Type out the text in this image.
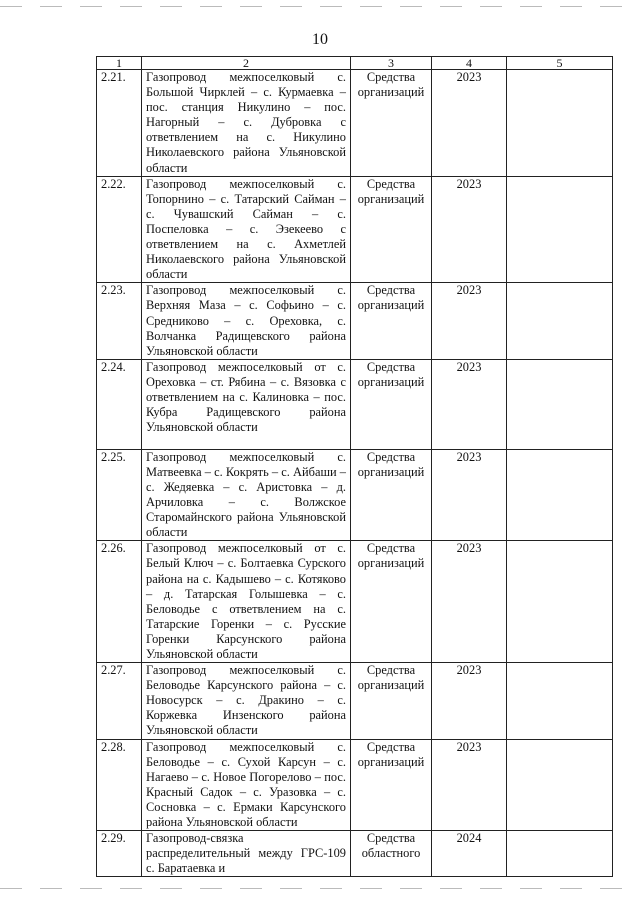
10
1	2	3	4	5
2.21.	Газопровод межпоселковый с. Большой Чирклей – с. Курмаевка – пос. станция Никулино – пос. Нагорный – с. Дубровка с ответвлением на с. Никулино Николаевского района Ульяновской области	Средства организаций	2023	
2.22.	Газопровод межпоселковый с. Топорнино – с. Татарский Сайман – с. Чувашский Сайман – с. Поспеловка – с. Эзекеево с ответвлением на с. Ахметлей Николаевского района Ульяновской области	Средства организаций	2023	
2.23.	Газопровод межпоселковый с. Верхняя Маза – с. Софьино – с. Средниково – с. Ореховка, с. Волчанка Радищевского района Ульяновской области	Средства организаций	2023	
2.24.	Газопровод межпоселковый от с. Ореховка – ст. Рябина – с. Вязовка с ответвлением на с. Калиновка – пос. Кубра Радищевского района Ульяновской области	Средства организаций	2023	
2.25.	Газопровод межпоселковый с. Матвеевка – с. Кокрять – с. Айбаши – с. Жедяевка – с. Аристовка – д. Арчиловка – с. Волжское Старомайнского района Ульяновской области	Средства организаций	2023	
2.26.	Газопровод межпоселковый от с. Белый Ключ – с. Болтаевка Сурского района на с. Кадышево – с. Котяково – д. Татарская Голышевка – с. Беловодье с ответвлением на с. Татарские Горенки – с. Русские Горенки Карсунского района Ульяновской области	Средства организаций	2023	
2.27.	Газопровод межпоселковый с. Беловодье Карсунского района – с. Новосурск – с. Дракино – с. Коржевка Инзенского района Ульяновской области	Средства организаций	2023	
2.28.	Газопровод межпоселковый с. Беловодье – с. Сухой Карсун – с. Нагаево – с. Новое Погорелово – пос. Красный Садок – с. Уразовка – с. Сосновка – с. Ермаки Карсунского района Ульяновской области	Средства организаций	2023	
2.29.	Газопровод-связка распределительный между ГРС-109 с. Баратаевка и	Средства областного	2024	
